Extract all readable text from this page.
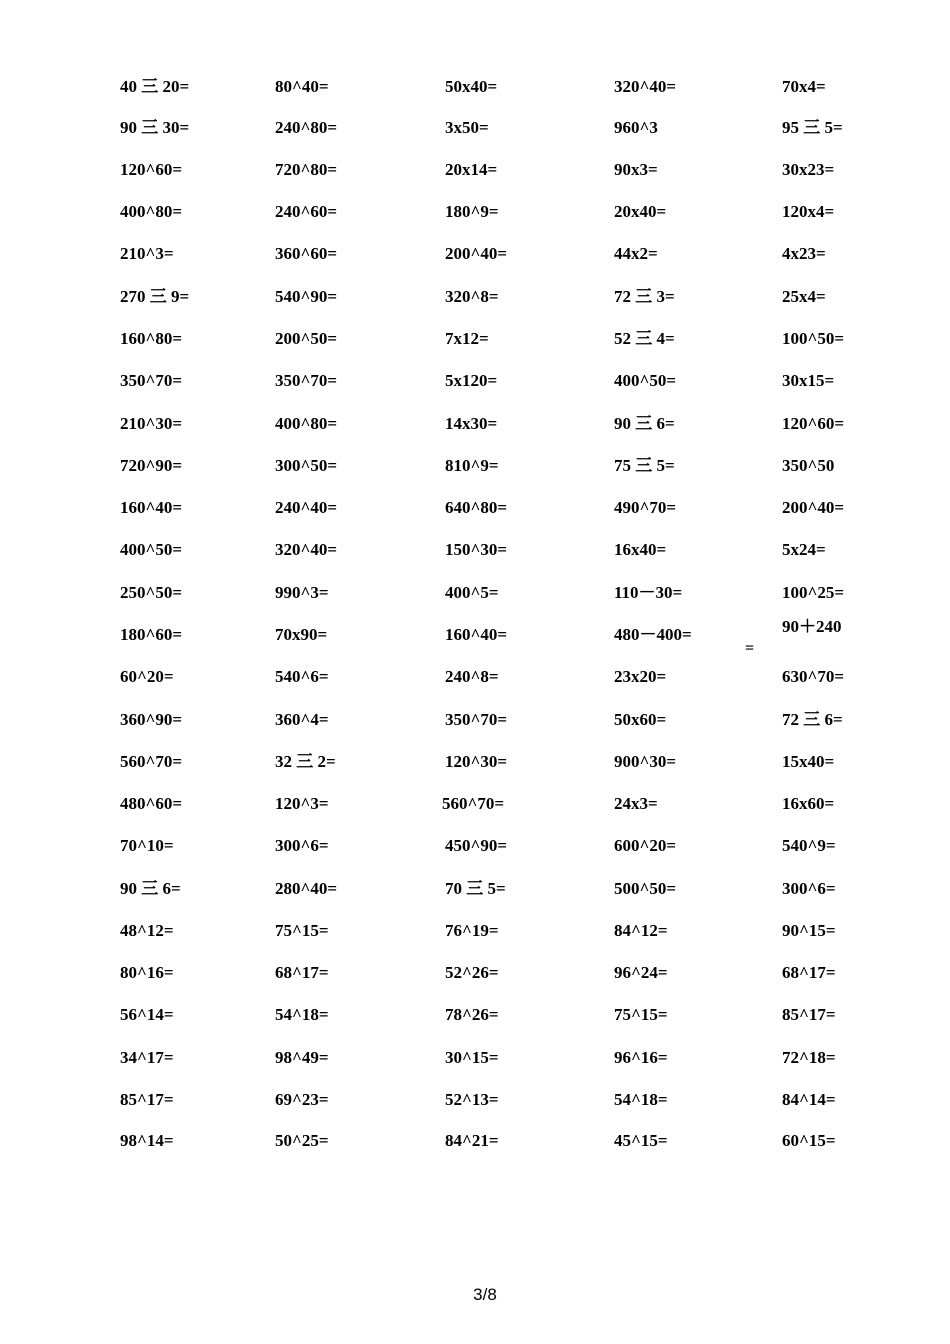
40 三 20=	80^40=	50x40=	320^40=	70x4=
90 三 30=	240^80=	3x50=	960^3	95 三 5=
120^60=	720^80=	20x14=	90x3=	30x23=
400^80=	240^60=	180^9=	20x40=	120x4=
210^3=	360^60=	200^40=	44x2=	4x23=
270 三 9=	540^90=	320^8=	72 三 3=	25x4=
160^80=	200^50=	7x12=	52 三 4=	100^50=
350^70=	350^70=	5x120=	400^50=	30x15=
210^30=	400^80=	14x30=	90 三 6=	120^60=
720^90=	300^50=	810^9=	75 三 5=	350^50
160^40=	240^40=	640^80=	490^70=	200^40=
400^50=	320^40=	150^30=	16x40=	5x24=
250^50=	990^3=	400^5=	110－30=	100^25=
180^60=	70x90=	160^40=	480－400=	90＋240
60^20=	540^6=	240^8=	23x20=	630^70=
360^90=	360^4=	350^70=	50x60=	72 三 6=
560^70=	32 三 2=	120^30=	900^30=	15x40=
480^60=	120^3=	560^70=	24x3=	16x60=
70^10=	300^6=	450^90=	600^20=	540^9=
90 三 6=	280^40=	70 三 5=	500^50=	300^6=
48^12=	75^15=	76^19=	84^12=	90^15=
80^16=	68^17=	52^26=	96^24=	68^17=
56^14=	54^18=	78^26=	75^15=	85^17=
34^17=	98^49=	30^15=	96^16=	72^18=
85^17=	69^23=	52^13=	54^18=	84^14=
98^14=	50^25=	84^21=	45^15=	60^15=
=
3/8
